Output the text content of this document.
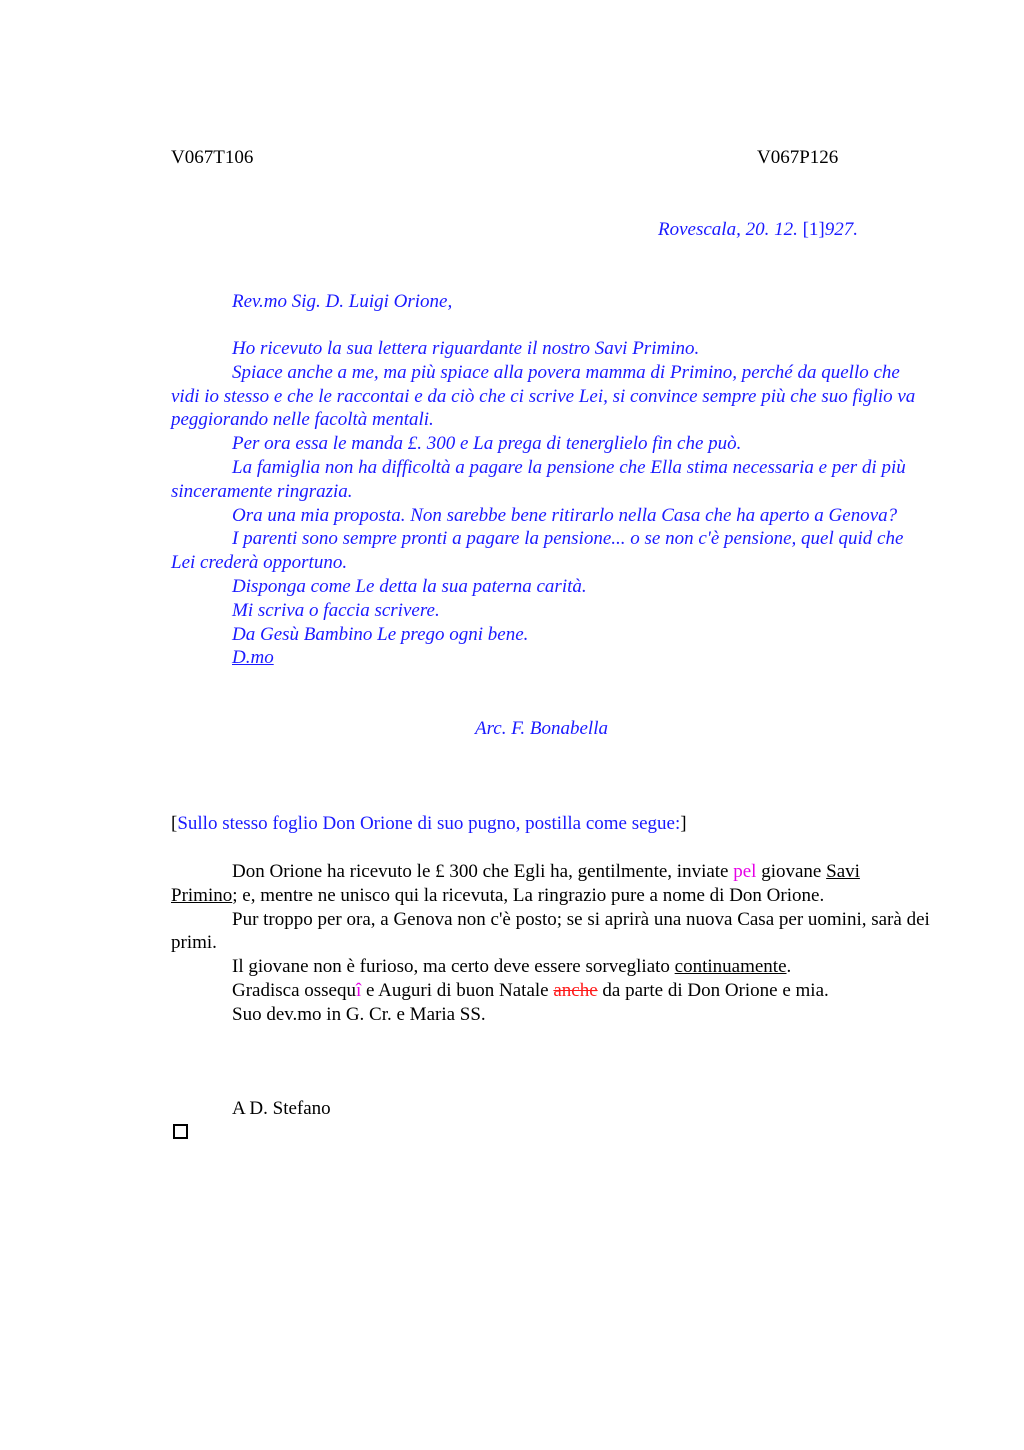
V067T106	V067P126
Rovescala, 20. 12. [1]927.
Rev.mo Sig. D. Luigi Orione,

Ho ricevuto la sua lettera riguardante il nostro Savi Primino.

Spiace anche a me, ma più spiace alla povera mamma di Primino, perché da quello che vidi io stesso e che le raccontai e da ciò che ci scrive Lei, si convince sempre più che suo figlio va peggiorando nelle facoltà mentali.

Per ora essa le manda £. 300 e La prega di tenerglielo fin che può.

La famiglia non ha difficoltà a pagare la pensione che Ella stima necessaria e per di più sinceramente ringrazia.

Ora una mia proposta. Non sarebbe bene ritirarlo nella Casa che ha aperto a Genova?

I parenti sono sempre pronti a pagare la pensione... o se non c'è pensione, quel quid che Lei crederà opportuno.

Disponga come Le detta la sua paterna carità.

Mi scriva o faccia scrivere.

Da Gesù Bambino Le prego ogni bene.

D.mo

Arc. F. Bonabella
[Sullo stesso foglio Don Orione di suo pugno, postilla come segue:]

Don Orione ha ricevuto le £ 300 che Egli ha, gentilmente, inviate pel giovane Savi Primino; e, mentre ne unisco qui la ricevuta, La ringrazio pure a nome di Don Orione.

Pur troppo per ora, a Genova non c'è posto; se si aprirà una nuova Casa per uomini, sarà dei primi.

Il giovane non è furioso, ma certo deve essere sorvegliato continuamente.

Gradisca ossequî e Auguri di buon Natale anche da parte di Don Orione e mia.

Suo dev.mo in G. Cr. e Maria SS.

A D. Stefano
